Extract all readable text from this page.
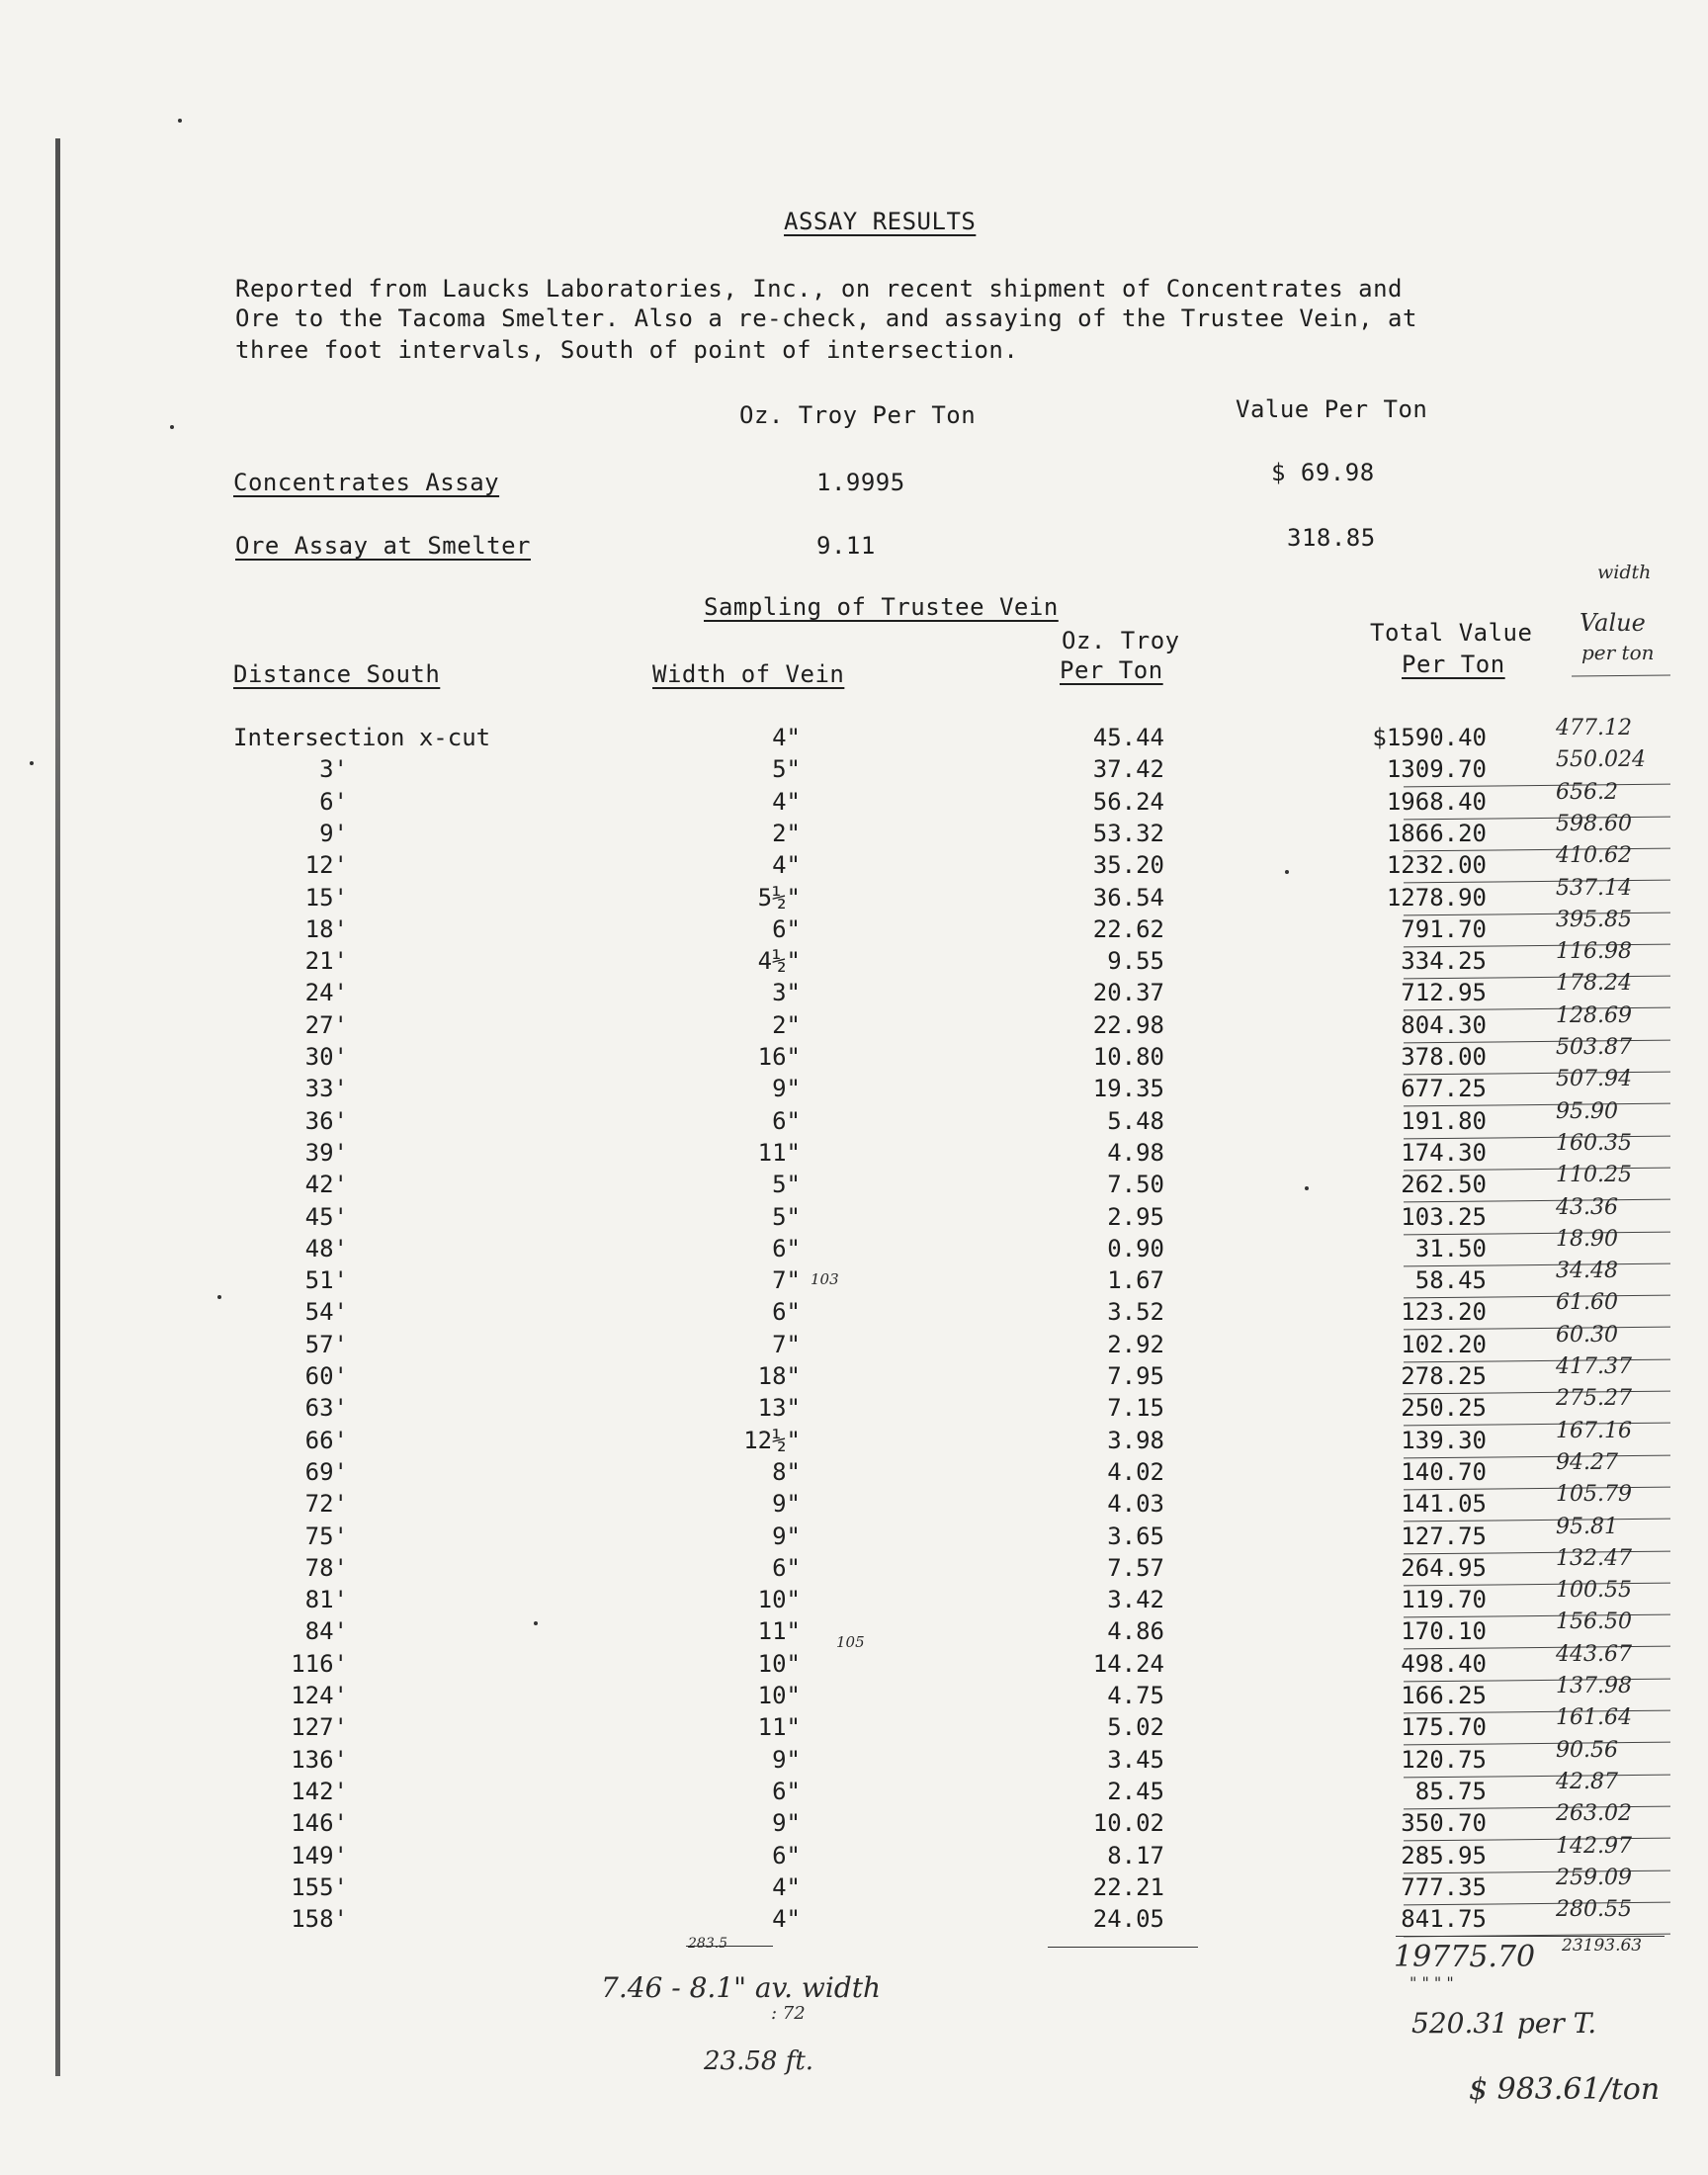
ASSAY RESULTS
Reported from Laucks Laboratories, Inc., on recent shipment of Concentrates and
Ore to the Tacoma Smelter. Also a re-check, and assaying of the Trustee Vein, at
three foot intervals, South of point of intersection.
Oz. Troy Per Ton	Value Per Ton
Concentrates Assay	1.9995	$ 69.98
Ore Assay at Smelter	9.11	318.85
Sampling of Trustee Vein
Distance South	Width of Vein
Oz. Troy
Per Ton
Total Value
Per Ton
width
Value
per ton
Intersection x-cut	4"	45.44	$1590.40	477.12
3'	5"	37.42	1309.70	550.024
6'	4"	56.24	1968.40	656.2
9'	2"	53.32	1866.20	598.60
12'	4"	35.20	1232.00	410.62
15'	5½"	36.54	1278.90	537.14
18'	6"	22.62	791.70	395.85
21'	4½"	9.55	334.25	116.98
24'	3"	20.37	712.95	178.24
27'	2"	22.98	804.30	128.69
30'	16"	10.80	378.00	503.87
33'	9"	19.35	677.25	507.94
36'	6"	5.48	191.80	95.90
39'	11"	4.98	174.30	160.35
42'	5"	7.50	262.50	110.25
45'	5"	2.95	103.25	43.36
48'	6"	0.90	31.50	18.90
51'	7"	1.67	58.45	34.48
54'	6"	3.52	123.20	61.60
57'	7"	2.92	102.20	60.30
60'	18"	7.95	278.25	417.37
63'	13"	7.15	250.25	275.27
66'	12½"	3.98	139.30	167.16
69'	8"	4.02	140.70	94.27
72'	9"	4.03	141.05	105.79
75'	9"	3.65	127.75	95.81
78'	6"	7.57	264.95	132.47
81'	10"	3.42	119.70	100.55
84'	11"	4.86	170.10	156.50
116'	10"	14.24	498.40	443.67
124'	10"	4.75	166.25	137.98
127'	11"	5.02	175.70	161.64
136'	9"	3.45	120.75	90.56
142'	6"	2.45	85.75	42.87
146'	9"	10.02	350.70	263.02
149'	6"	8.17	285.95	142.97
155'	4"	22.21	777.35	259.09
158'	4"	24.05	841.75	280.55
103
105
283.5
7.46 - 8.1" av. width
: 72
23.58 ft.
19775.70
" " " "
520.31 per T.
23193.63
$ 983.61/ton
